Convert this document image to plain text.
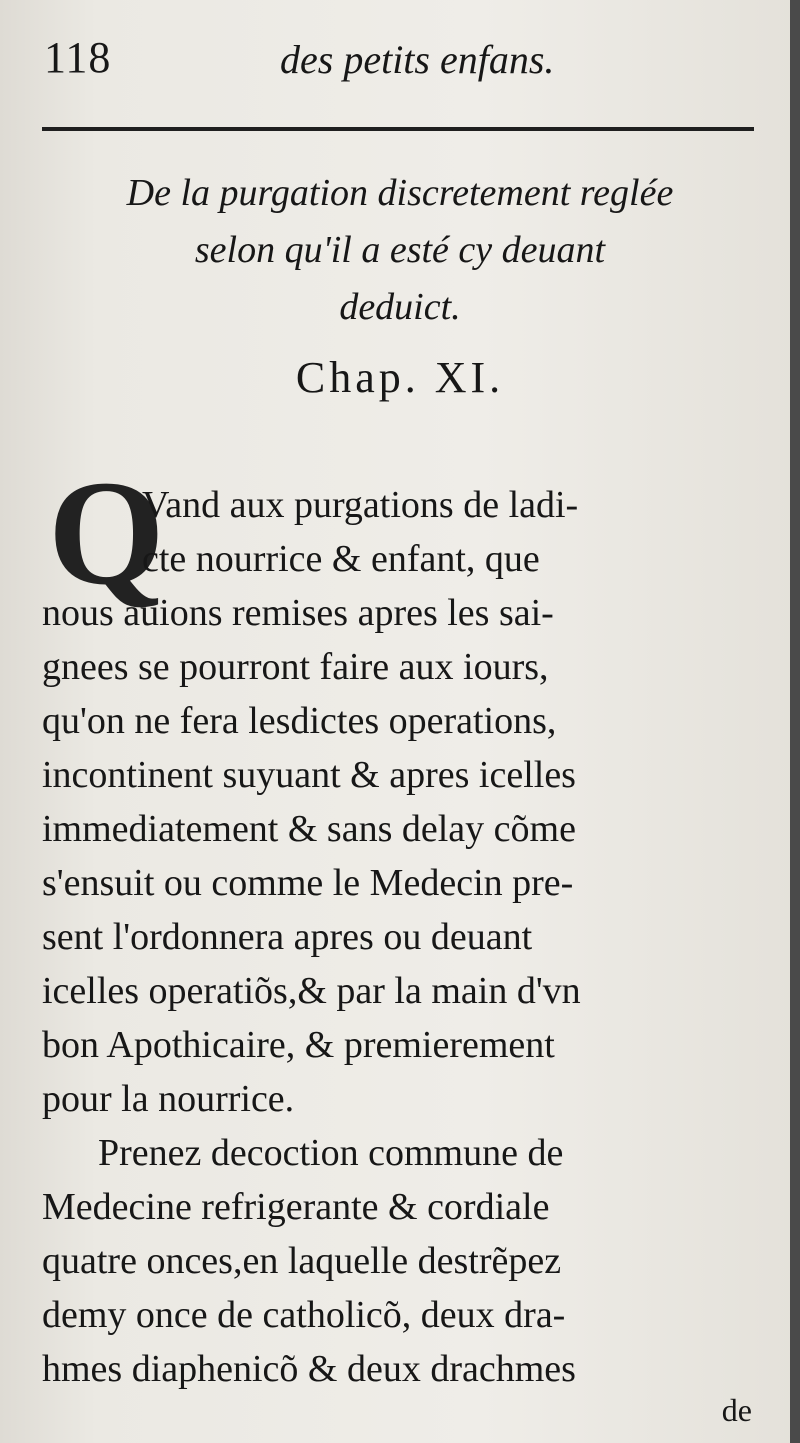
118	des petits enfans.
De la purgation discretement reglée
selon qu'il a esté cy deuant
deduict.
Chap. XI.
Q
Vand aux purgations de ladi-
cte nourrice & enfant, que
nous auions remises apres les sai-
gnees se pourront faire aux iours,
qu'on ne fera lesdictes operations,
incontinent suyuant & apres icelles
immediatement & sans delay cõme
s'ensuit ou comme le Medecin pre-
sent l'ordonnera apres ou deuant
icelles operatiõs,& par la main d'vn
bon Apothicaire, & premierement
pour la nourrice.
Prenez decoction commune de
Medecine refrigerante & cordiale
quatre onces,en laquelle destrẽpez
demy once de catholicõ, deux dra-
hmes diaphenicõ & deux drachmes
de
